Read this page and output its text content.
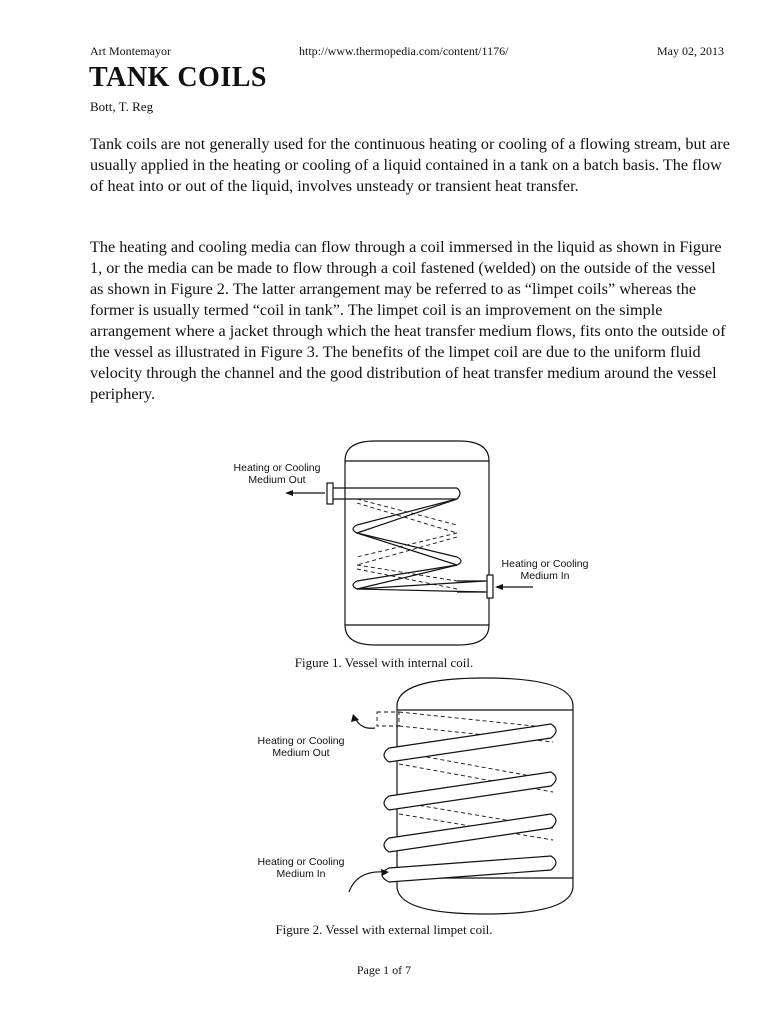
Art Montemayor	http://www.thermopedia.com/content/1176/	May 02, 2013
TANK COILS
Bott, T. Reg

Tank coils are not generally used for the continuous heating or cooling of a flowing stream, but are usually applied in the heating or cooling of a liquid contained in a tank on a batch basis. The flow of heat into or out of the liquid, involves unsteady or transient heat transfer.

The heating and cooling media can flow through a coil immersed in the liquid as shown in Figure 1, or the media can be made to flow through a coil fastened (welded) on the outside of the vessel as shown in Figure 2. The latter arrangement may be referred to as “limpet coils” whereas the former is usually termed “coil in tank”. The limpet coil is an improvement on the simple arrangement where a jacket through which the heat transfer medium flows, fits onto the outside of the vessel as illustrated in Figure 3. The benefits of the limpet coil are due to the uniform fluid velocity through the channel and the good distribution of heat transfer medium around the vessel periphery.

Heating or Cooling
Medium Out
Heating or Cooling
Medium In
Figure 1. Vessel with internal coil.
Heating or Cooling
Medium Out
Heating or Cooling
Medium In
Figure 2. Vessel with external limpet coil.
Page 1 of 7
